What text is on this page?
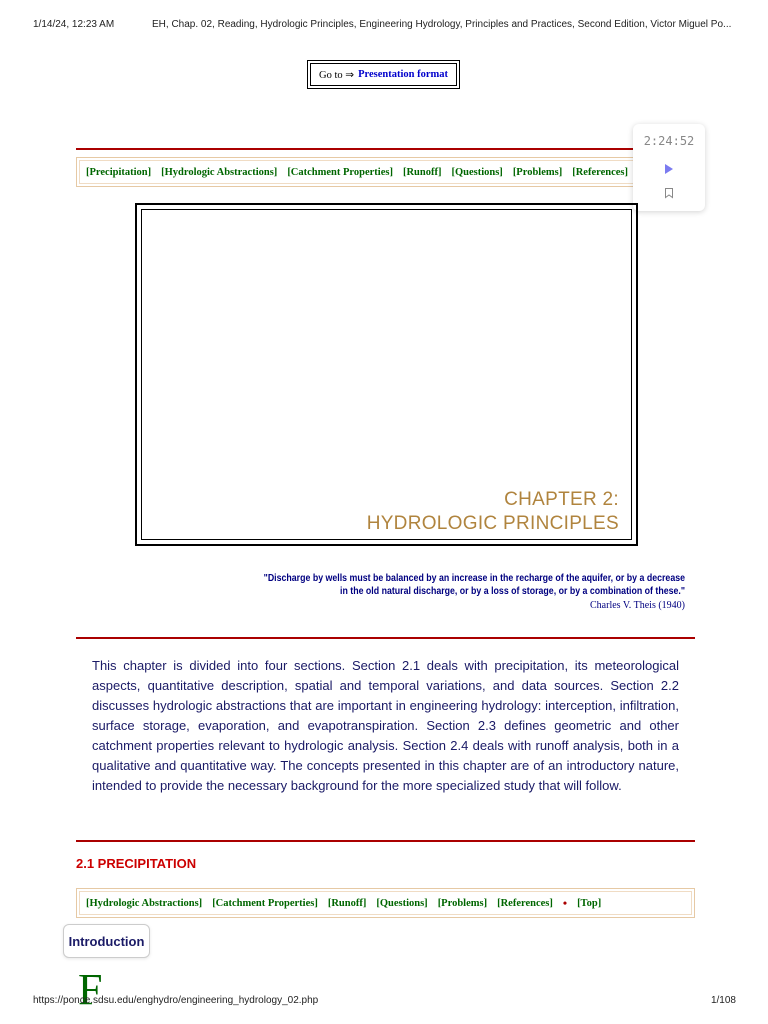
1/14/24, 12:23 AM	EH, Chap. 02, Reading, Hydrologic Principles, Engineering Hydrology, Principles and Practices, Second Edition, Victor Miguel Po...
Go to ⇒ Presentation format
[Precipitation] [Hydrologic Abstractions] [Catchment Properties] [Runoff] [Questions] [Problems] [References]
2:24:52
CHAPTER 2:
HYDROLOGIC PRINCIPLES
"Discharge by wells must be balanced by an increase in the recharge of the aquifer, or by a decrease in the old natural discharge, or by a loss of storage, or by a combination of these."
Charles V. Theis (1940)
This chapter is divided into four sections. Section 2.1 deals with precipitation, its meteorological aspects, quantitative description, spatial and temporal variations, and data sources. Section 2.2 discusses hydrologic abstractions that are important in engineering hydrology: interception, infiltration, surface storage, evaporation, and evapotranspiration. Section 2.3 defines geometric and other catchment properties relevant to hydrologic analysis. Section 2.4 deals with runoff analysis, both in a qualitative and quantitative way. The concepts presented in this chapter are of an introductory nature, intended to provide the necessary background for the more specialized study that will follow.
2.1 PRECIPITATION
[Hydrologic Abstractions] [Catchment Properties] [Runoff] [Questions] [Problems] [References] • [Top]
Introduction
F
https://ponce.sdsu.edu/enghydro/engineering_hydrology_02.php	1/108
